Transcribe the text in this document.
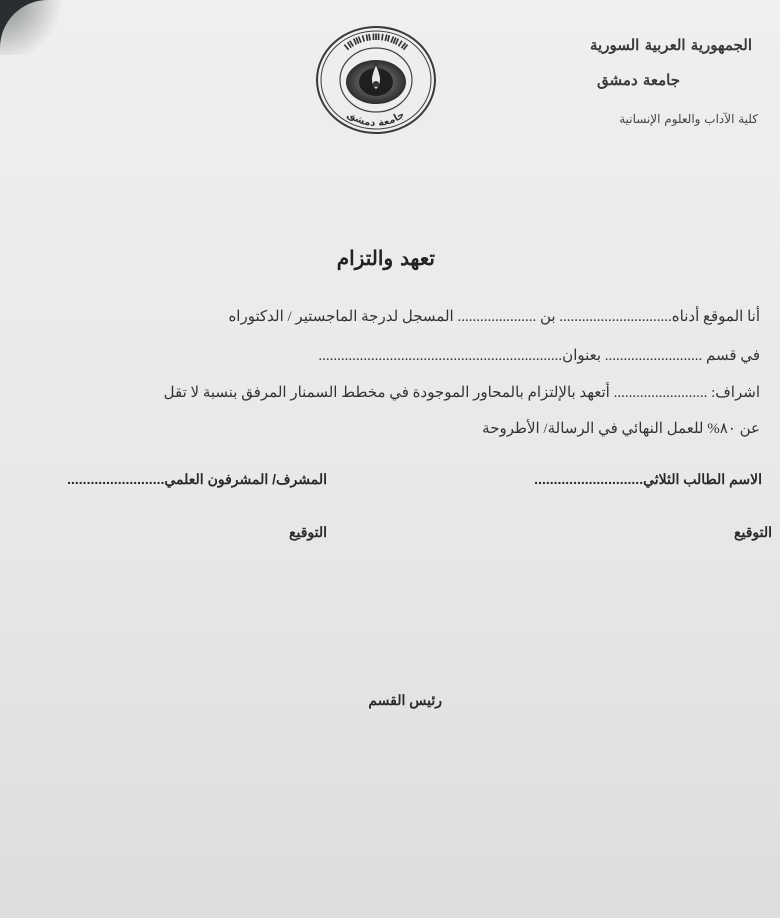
الجمهورية العربية السورية
جامعة دمشق
كلية الآداب والعلوم الإنسانية
ⅠⅡⅢⅠⅡⅢⅠⅡⅢⅠⅡ
جامعة دمشق
تعهد والتزام
أنا الموقع أدناه.............................. بن ..................... المسجل لدرجة الماجستير / الدكتوراه
في قسم .......................... بعنوان.................................................................
اشراف: ......................... أتعهد بالإلتزام بالمحاور الموجودة في مخطط السمنار المرفق بنسبة لا تقل
عن ٨٠% للعمل النهائي في الرسالة/ الأطروحة
الاسم الطالب الثلاثي............................
المشرف/ المشرفون العلمي.........................
التوقيع	التوقيع
رئيس القسم
